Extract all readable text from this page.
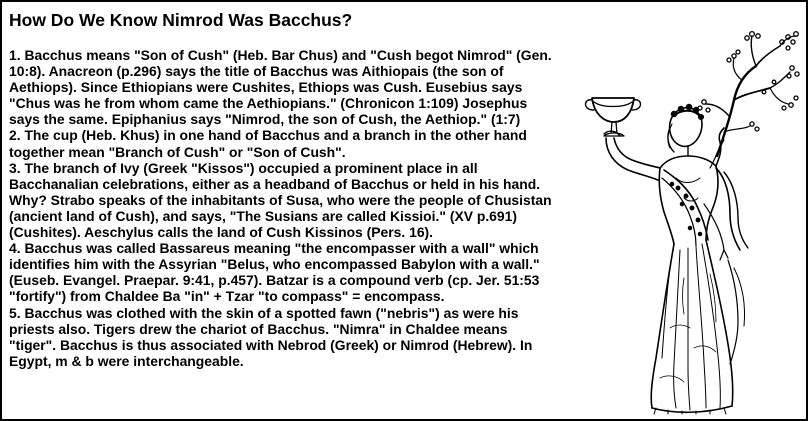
How Do We Know Nimrod Was Bacchus?
1. Bacchus means "Son of Cush" (Heb. Bar Chus) and "Cush begot Nimrod" (Gen.
10:8). Anacreon (p.296) says the title of Bacchus was Aithiopais (the son of
Aethiops). Since Ethiopians were Cushites, Ethiops was Cush. Eusebius says
"Chus was he from whom came the Aethiopians." (Chronicon 1:109) Josephus
says the same. Epiphanius says "Nimrod, the son of Cush, the Aethiop." (1:7)
2. The cup (Heb. Khus) in one hand of Bacchus and a branch in the other hand
together mean "Branch of Cush" or "Son of Cush".
3. The branch of Ivy (Greek "Kissos") occupied a prominent place in all
Bacchanalian celebrations, either as a headband of Bacchus or held in his hand.
Why? Strabo speaks of the inhabitants of Susa, who were the people of Chusistan
(ancient land of Cush), and says, "The Susians are called Kissioi." (XV p.691)
(Cushites). Aeschylus calls the land of Cush Kissinos (Pers. 16).
4. Bacchus was called Bassareus meaning "the encompasser with a wall" which
identifies him with the Assyrian "Belus, who encompassed Babylon with a wall."
(Euseb. Evangel. Praepar. 9:41, p.457). Batzar is a compound verb (cp. Jer. 51:53
"fortify") from Chaldee Ba "in" + Tzar "to compass" = encompass.
5. Bacchus was clothed with the skin of a spotted fawn ("nebris") as were his
priests also. Tigers drew the chariot of Bacchus. "Nimra" in Chaldee means
"tiger". Bacchus is thus associated with Nebrod (Greek) or Nimrod (Hebrew). In
Egypt, m & b were interchangeable.
